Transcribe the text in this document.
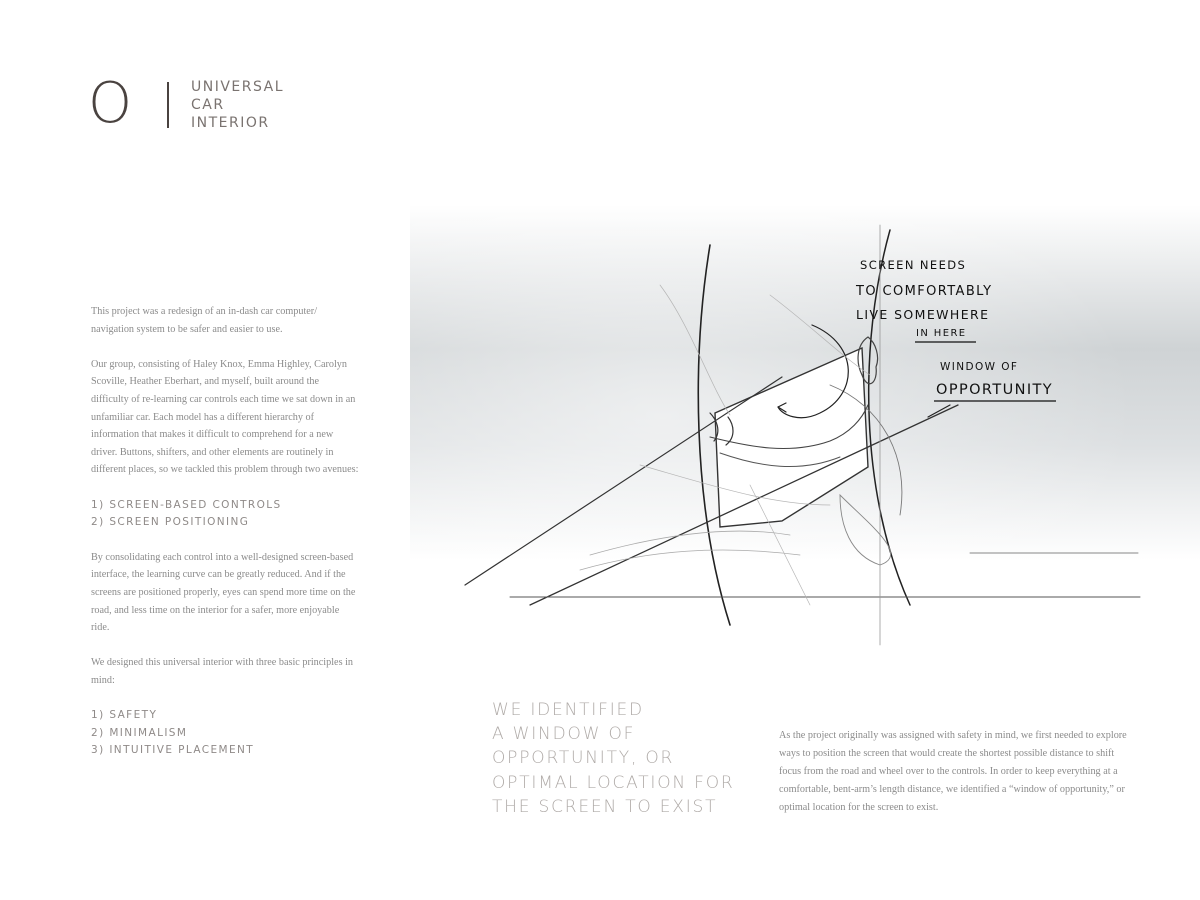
O	UNIVERSAL
CAR
INTERIOR

This project was a redesign of an in-dash car computer/ navigation system to be safer and easier to use.

Our group, consisting of Haley Knox, Emma Highley, Carolyn Scoville, Heather Eberhart, and myself, built around the difficulty of re-learning car controls each time we sat down in an unfamiliar car. Each model has a different hierarchy of information that makes it difficult to comprehend for a new driver. Buttons, shifters, and other elements are routinely in different places, so we tackled this problem through two avenues:

1) SCREEN-BASED CONTROLS
2) SCREEN POSITIONING

By consolidating each control into a well-designed screen-based interface, the learning curve can be greatly reduced. And if the screens are positioned properly, eyes can spend more time on the road, and less time on the interior for a safer, more enjoyable ride.

We designed this universal interior with three basic principles in mind:

1) SAFETY
2) MINIMALISM
3) INTUITIVE PLACEMENT
SCREEN NEEDS
TO COMFORTABLY
LIVE SOMEWHERE
IN HERE
WINDOW OF
OPPORTUNITY
WE IDENTIFIED
A WINDOW OF
OPPORTUNITY, OR
OPTIMAL LOCATION FOR
THE SCREEN TO EXIST

As the project originally was assigned with safety in mind, we first needed to explore ways to position the screen that would create the shortest possible distance to shift focus from the road and wheel over to the controls. In order to keep everything at a comfortable, bent-arm’s length distance, we identified a “window of opportunity,” or optimal location for the screen to exist.
